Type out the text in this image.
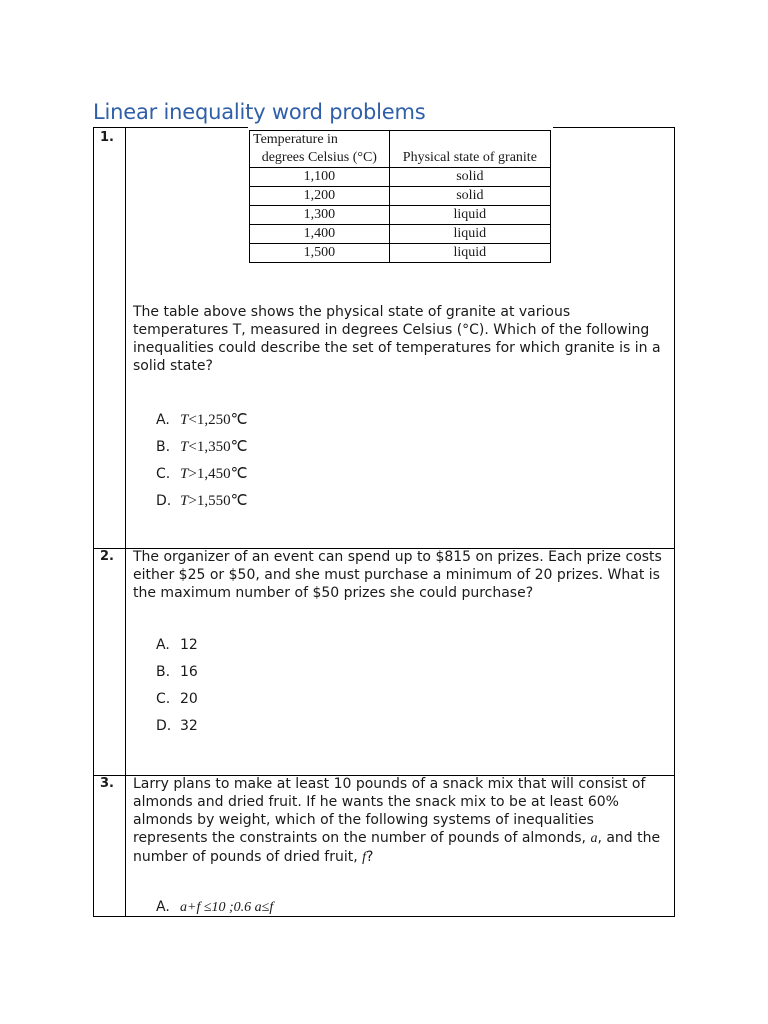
Linear inequality word problems
Temperature in	
degrees Celsius (°C)	Physical state of granite
1,100	solid
1,200	solid
1,300	liquid
1,400	liquid
1,500	liquid
1.
The table above shows the physical state of granite at various temperatures T, measured in degrees Celsius (°C). Which of the following inequalities could describe the set of temperatures for which granite is in a solid state?
A. T<1,250℃
B. T<1,350℃
C. T>1,450℃
D. T>1,550℃
2. The organizer of an event can spend up to $815 on prizes. Each prize costs either $25 or $50, and she must purchase a minimum of 20 prizes. What is the maximum number of $50 prizes she could purchase?
A. 12
B. 16
C. 20
D. 32
3. Larry plans to make at least 10 pounds of a snack mix that will consist of almonds and dried fruit. If he wants the snack mix to be at least 60% almonds by weight, which of the following systems of inequalities represents the constraints on the number of pounds of almonds, a, and the number of pounds of dried fruit, f?
A. a+f ≤10 ;0.6 a≤f
